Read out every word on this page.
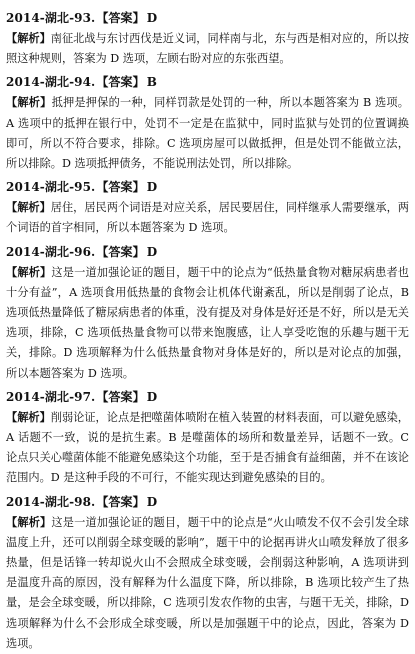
2014-湖北-93.【答案】 D

【解析】南征北战与东讨西伐是近义词，同样南与北，东与西是相对应的，所以按照这种规则，答案为 D 选项，左顾右盼对应的东张西望。

2014-湖北-94.【答案】 B

【解析】抵押是押保的一种，同样罚款是处罚的一种，所以本题答案为 B 选项。A 选项中的抵押在银行中，处罚不一定是在监狱中，同时监狱与处罚的位置调换即可，所以不符合要求，排除。C 选项房屋可以做抵押，但是处罚不能做立法，所以排除。D 选项抵押债务，不能说刑法处罚，所以排除。

2014-湖北-95.【答案】 D

【解析】居住，居民两个词语是对应关系，居民要居住，同样继承人需要继承，两个词语的首字相同，所以本题答案为 D 选项。

2014-湖北-96.【答案】 D

【解析】这是一道加强论证的题目，题干中的论点为“低热量食物对糖尿病患者也十分有益”，A 选项食用低热量的食物会让机体代谢紊乱，所以是削弱了论点，B 选项低热量降低了糖尿病患者的体重，没有提及对身体是好还是不好，所以是无关选项，排除，C 选项低热量食物可以带来饱腹感，让人享受吃饱的乐趣与题干无关，排除。D 选项解释为什么低热量食物对身体是好的，所以是对论点的加强，所以本题答案为 D 选项。

2014-湖北-97.【答案】 D

【解析】削弱论证，论点是把噬菌体喷附在植入装置的材料表面，可以避免感染，A 话题不一致，说的是抗生素。B 是噬菌体的场所和数量差异，话题不一致。C 论点只关心噬菌体能不能避免感染这个功能，至于是否捕食有益细菌，并不在该论范围内。D 是这种手段的不可行，不能实现达到避免感染的目的。

2014-湖北-98.【答案】 D

【解析】这是一道加强论证的题目，题干中的论点是“火山喷发不仅不会引发全球温度上升，还可以削弱全球变暖的影响”，题干中的论据再讲火山喷发释放了很多热量，但是话锋一转却说火山不会照成全球变暖，会削弱这种影响，A 选项讲到是温度升高的原因，没有解释为什么温度下降，所以排除，B 选项比较产生了热量，是会全球变暖，所以排除，C 选项引发农作物的虫害，与题干无关，排除，D 选项解释为什么不会形成全球变暖，所以是加强题干中的论点，因此，答案为 D 选项。
